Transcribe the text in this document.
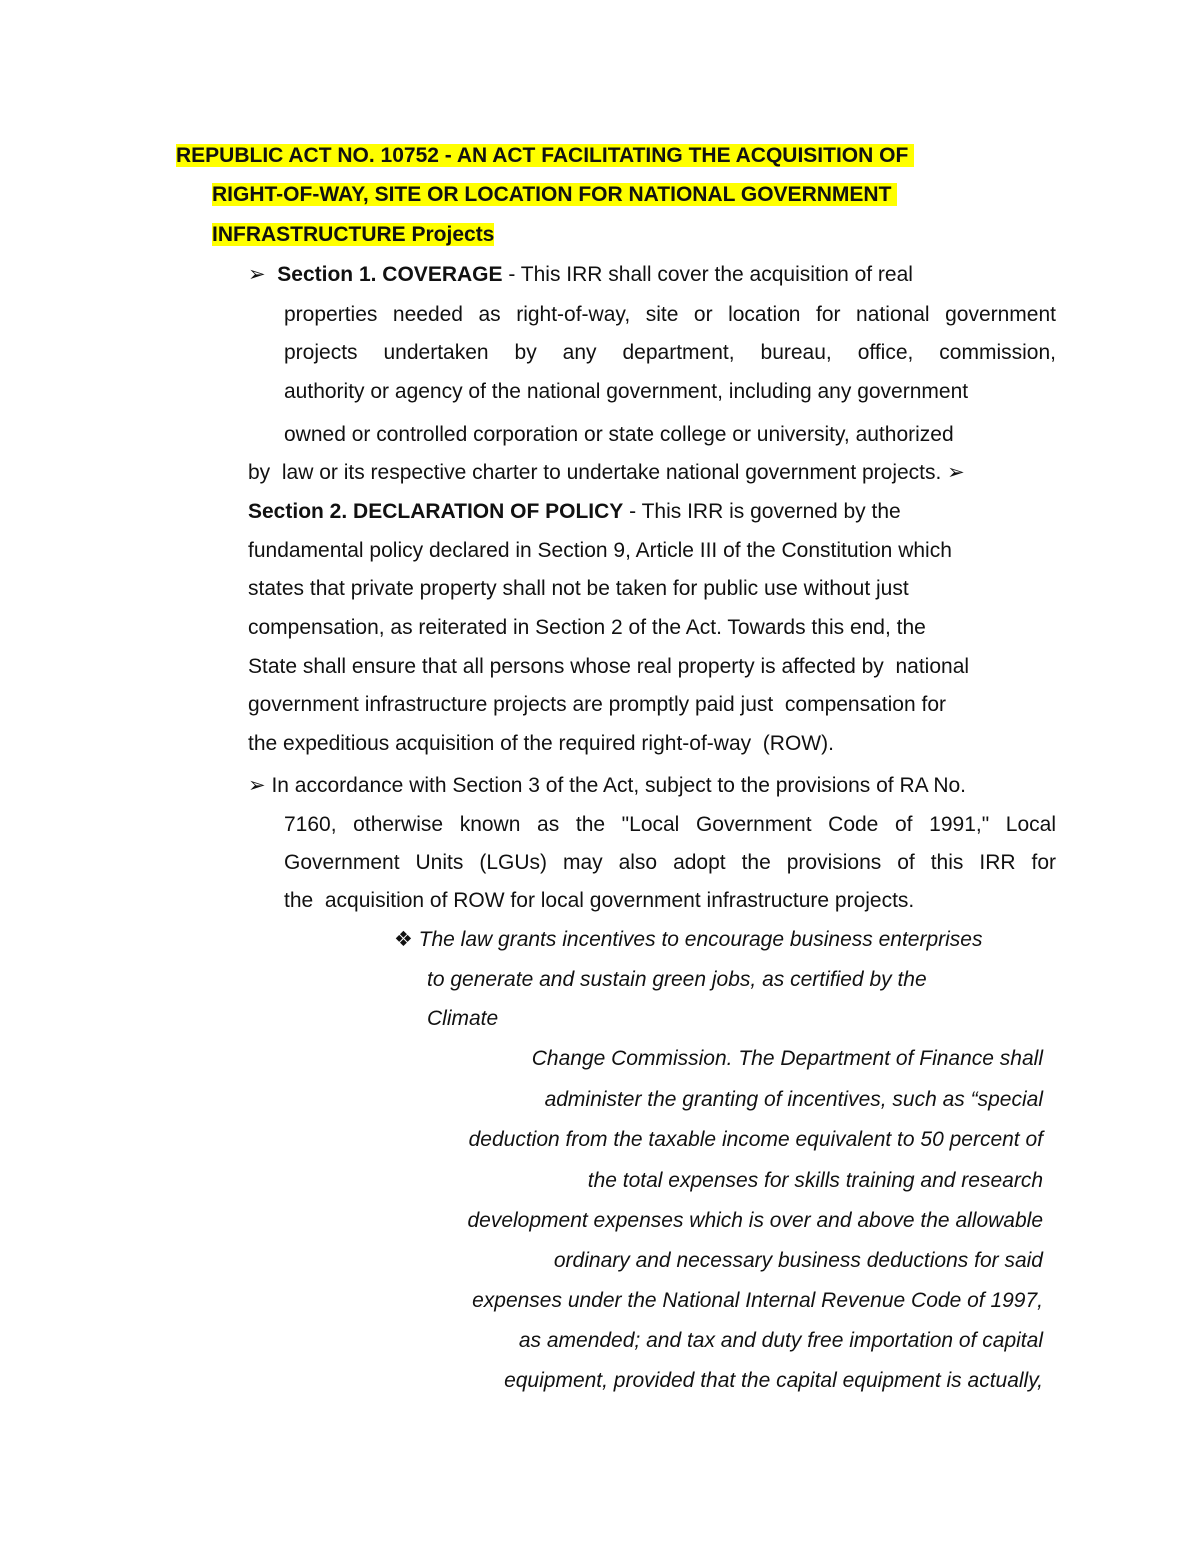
REPUBLIC ACT NO. 10752 - AN ACT FACILITATING THE ACQUISITION OF

RIGHT-OF-WAY, SITE OR LOCATION FOR NATIONAL GOVERNMENT

INFRASTRUCTURE Projects

➢ Section 1. COVERAGE - This IRR shall cover the acquisition of real

properties needed as right-of-way, site or location for national government

projects undertaken by any department, bureau, office, commission,

authority or agency of the national government, including any government

owned or controlled corporation or state college or university, authorized

by  law or its respective charter to undertake national government projects. ➢

Section 2. DECLARATION OF POLICY - This IRR is governed by the

fundamental policy declared in Section 9, Article III of the Constitution which

states that private property shall not be taken for public use without just

compensation, as reiterated in Section 2 of the Act. Towards this end, the

State shall ensure that all persons whose real property is affected by  national

government infrastructure projects are promptly paid just  compensation for

the expeditious acquisition of the required right-of-way  (ROW).

➢ In accordance with Section 3 of the Act, subject to the provisions of RA No.

7160, otherwise known as the "Local Government Code of 1991," Local

Government Units (LGUs) may also adopt the provisions of this IRR for

the  acquisition of ROW for local government infrastructure projects.

❖ The law grants incentives to encourage business enterprises

to generate and sustain green jobs, as certified by the

Climate

Change Commission. The Department of Finance shall

administer the granting of incentives, such as “special

deduction from the taxable income equivalent to 50 percent of

the total expenses for skills training and research

development expenses which is over and above the allowable

ordinary and necessary business deductions for said

expenses under the National Internal Revenue Code of 1997,

as amended; and tax and duty free importation of capital

equipment, provided that the capital equipment is actually,
